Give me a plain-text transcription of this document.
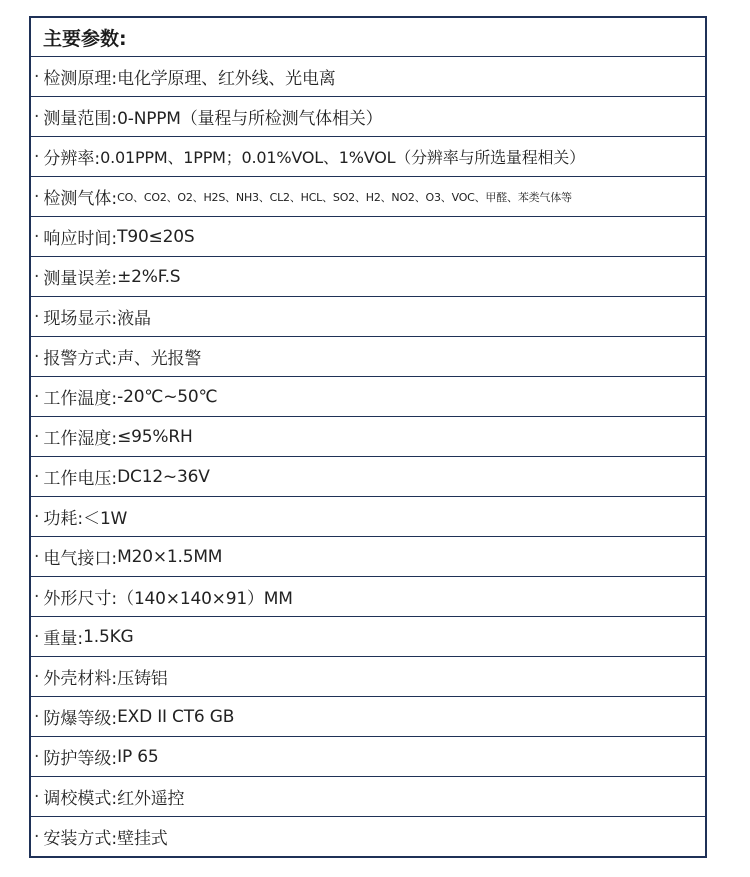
主要参数:
· 检测原理: 电化学原理、红外线、光电离
· 测量范围: 0-NPPM（量程与所检测气体相关）
· 分辨率: 0.01PPM、1PPM；0.01%VOL、1%VOL（分辨率与所选量程相关）
· 检测气体: CO、CO2、O2、H2S、NH3、CL2、HCL、SO2、H2、NO2、O3、VOC、甲醛、苯类气体等
· 响应时间: T90≤20S
· 测量误差: ±2%F.S
· 现场显示: 液晶
· 报警方式: 声、光报警
· 工作温度: -20℃~50℃
· 工作湿度: ≤95%RH
· 工作电压: DC12~36V
· 功耗: ＜1W
· 电气接口: M20×1.5MM
· 外形尺寸: （140×140×91）MM
· 重量: 1.5KG
· 外壳材料: 压铸铝
· 防爆等级: EXD II CT6 GB
· 防护等级: IP 65
· 调校模式: 红外遥控
· 安装方式: 壁挂式
